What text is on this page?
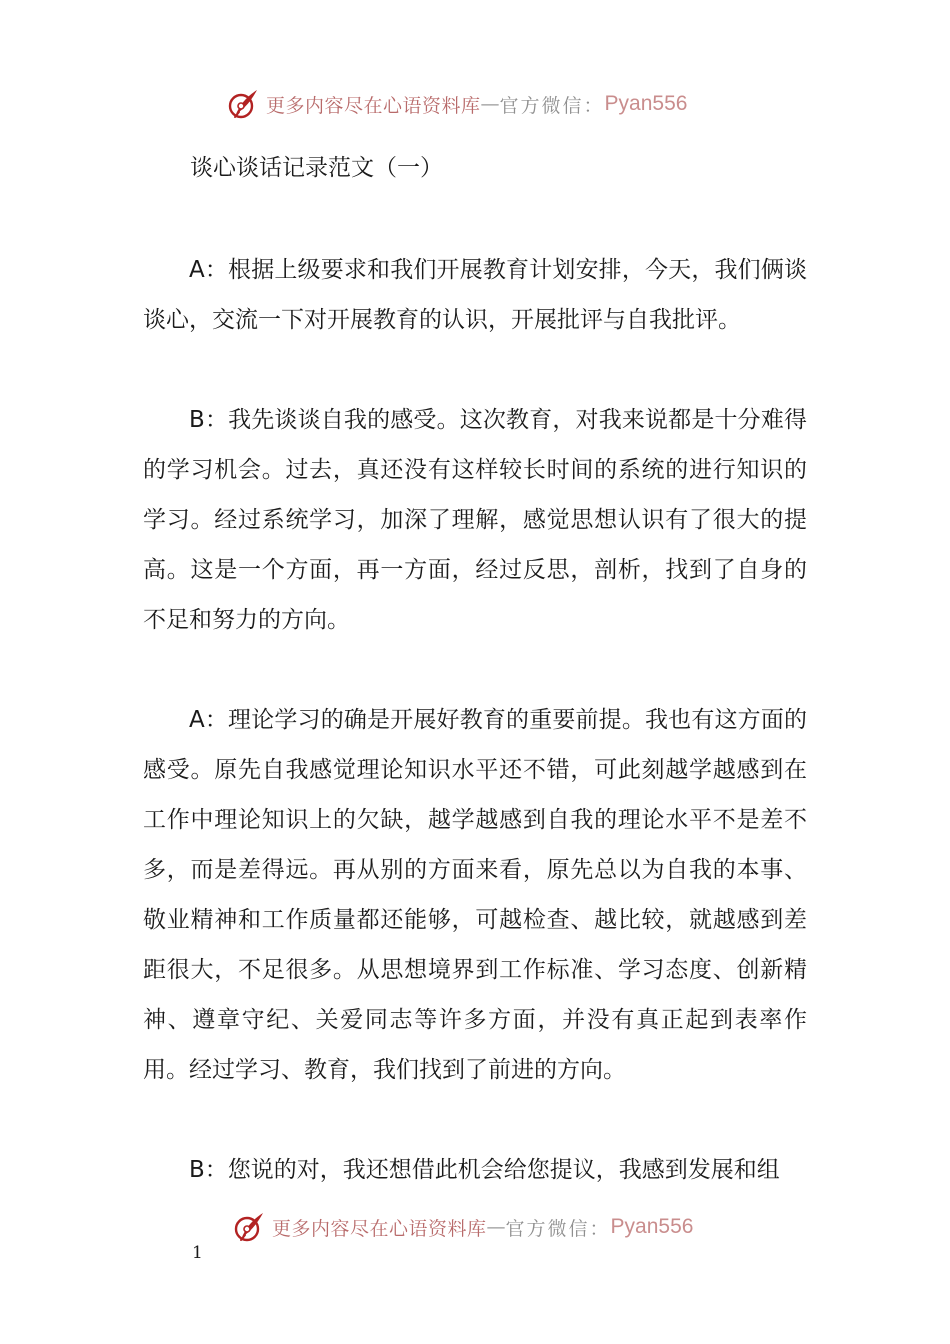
更多内容尽在心语资料库 — 官方微信： Pyan556
谈心谈话记录范文（一）

A：根据上级要求和我们开展教育计划安排，今天，我们俩谈谈心，交流一下对开展教育的认识，开展批评与自我批评。

B：我先谈谈自我的感受。这次教育，对我来说都是十分难得的学习机会。过去，真还没有这样较长时间的系统的进行知识的学习。经过系统学习，加深了理解，感觉思想认识有了很大的提高。这是一个方面，再一方面，经过反思，剖析，找到了自身的不足和努力的方向。

A：理论学习的确是开展好教育的重要前提。我也有这方面的感受。原先自我感觉理论知识水平还不错，可此刻越学越感到在工作中理论知识上的欠缺，越学越感到自我的理论水平不是差不多，而是差得远。再从别的方面来看，原先总以为自我的本事、敬业精神和工作质量都还能够，可越检查、越比较，就越感到差距很大，不足很多。从思想境界到工作标准、学习态度、创新精神、遵章守纪、关爱同志等许多方面，并没有真正起到表率作用。经过学习、教育，我们找到了前进的方向。

B：您说的对，我还想借此机会给您提议，我感到发展和组

更多内容尽在心语资料库 — 官方微信： Pyan556
1
